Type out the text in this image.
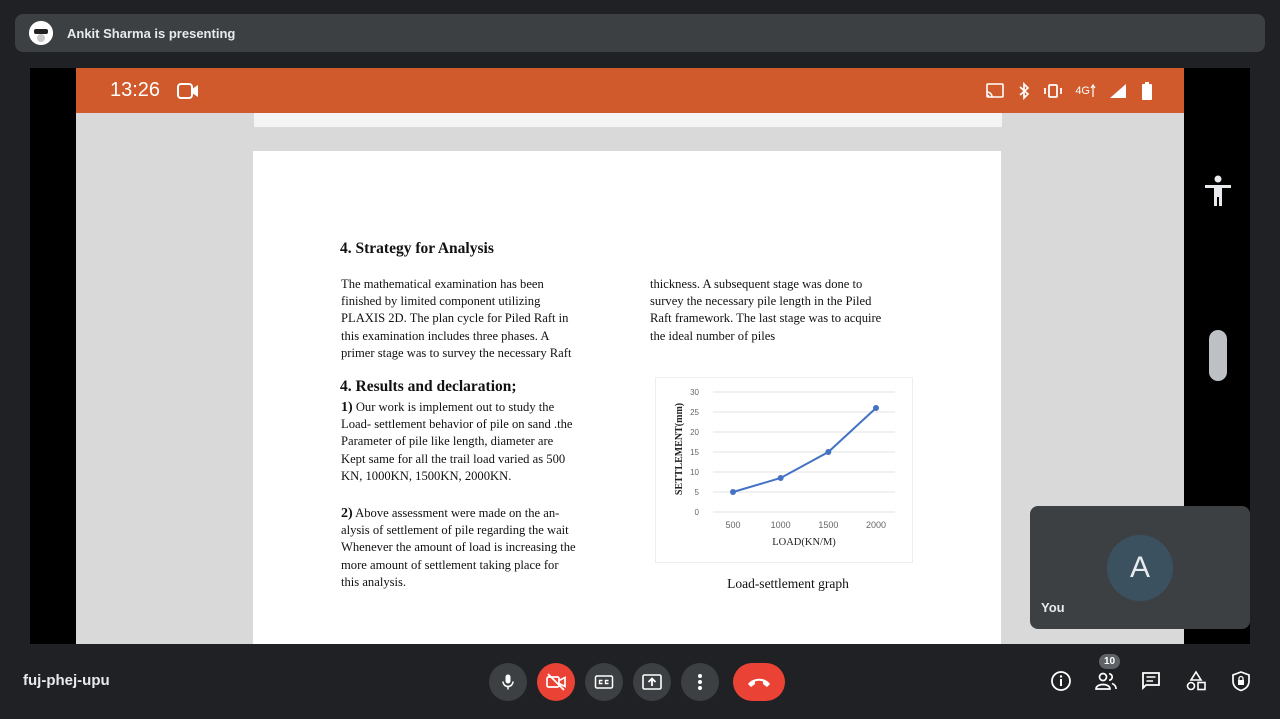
Ankit Sharma is presenting
13:26	4G
4. Strategy for Analysis
The mathematical examination has been
finished by limited component utilizing
PLAXIS 2D. The plan cycle for Piled Raft in
this examination includes three phases. A
primer stage was to survey the necessary Raft
thickness. A subsequent stage was done to
survey the necessary pile length in the Piled
Raft framework. The last stage was to acquire
the ideal number of piles
4. Results and declaration;
1) Our work is implement out to study the
Load- settlement behavior of pile on sand .the
Parameter of pile like length, diameter are
Kept same for all the trail load varied as 500
KN, 1000KN, 1500KN, 2000KN.
2) Above assessment were made on the an-
alysis of settlement of pile regarding the wait
Whenever the amount of load is increasing the
more amount of settlement taking place for
this analysis.
0
5
10
15
20
25
30
500	1000	1500	2000
LOAD(KN/M)
SETTLEMENT(mm)
Load-settlement graph	A
You
fuj-phej-upu
10
